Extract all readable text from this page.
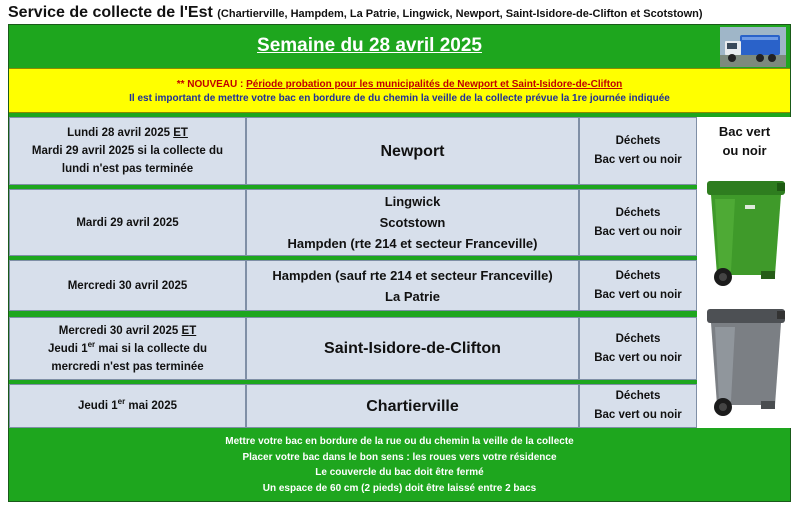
Service de collecte de l'Est (Chartierville, Hampdem, La Patrie, Lingwick, Newport, Saint-Isidore-de-Clifton et Scotstown)
Semaine du 28 avril 2025
** NOUVEAU : Période probation pour les municipalités de Newport et Saint-Isidore-de-Clifton
Il est important de mettre votre bac en bordure de du chemin la veille de la collecte prévue la 1re journée indiquée
Lundi 28 avril 2025 ET
Mardi 29 avril 2025 si la collecte du
lundi n'est pas terminée
Newport
Déchets
Bac vert ou noir
Mardi 29 avril 2025
Lingwick
Scotstown
Hampden (rte 214 et secteur Franceville)
Déchets
Bac vert ou noir
Mercredi 30 avril 2025
Hampden (sauf rte 214 et secteur Franceville)
La Patrie
Déchets
Bac vert ou noir
Mercredi 30 avril 2025 ET
Jeudi 1er mai si la collecte du
mercredi n'est pas terminée
Saint-Isidore-de-Clifton
Déchets
Bac vert ou noir
Jeudi 1er mai 2025	Chartierville
Déchets
Bac vert ou noir
Bac vert
ou noir
Mettre votre bac en bordure de la rue ou du chemin la veille de la collecte
Placer votre bac dans le bon sens : les roues vers votre résidence
Le couvercle du bac doit être fermé
Un espace de 60 cm (2 pieds) doit être laissé entre 2 bacs
